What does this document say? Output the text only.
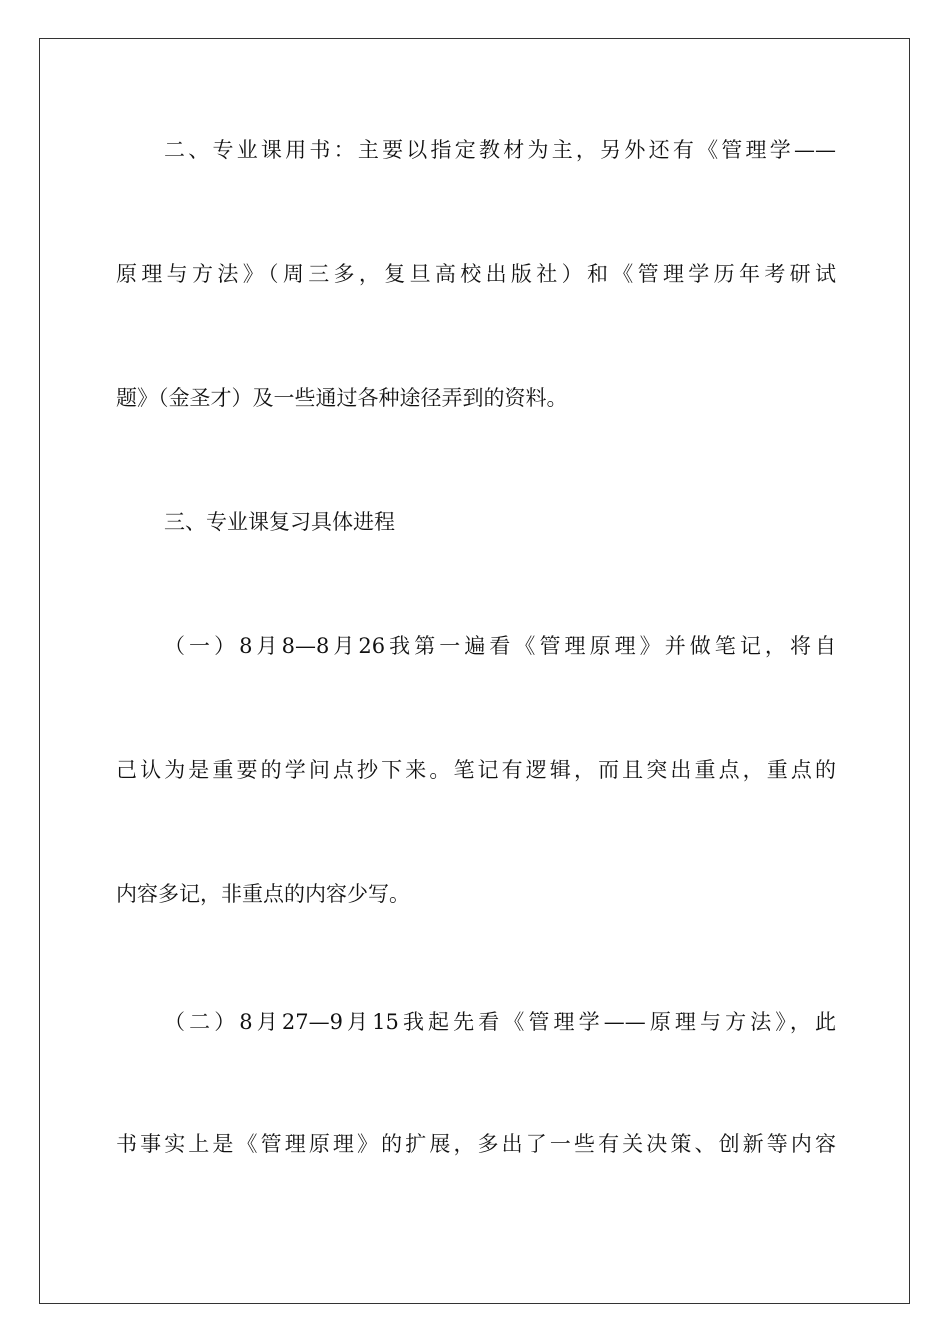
二、专业课用书：主要以指定教材为主，另外还有《管理学——
原理与方法》（周三多，复旦高校出版社）和《管理学历年考研试
题》（金圣才）及一些通过各种途径弄到的资料。
三、专业课复习具体进程
（一）8月8—8月26我第一遍看《管理原理》并做笔记，将自
己认为是重要的学问点抄下来。笔记有逻辑，而且突出重点，重点的
内容多记，非重点的内容少写。
（二）8月27—9月15我起先看《管理学——原理与方法》，此
书事实上是《管理原理》的扩展，多出了一些有关决策、创新等内容
